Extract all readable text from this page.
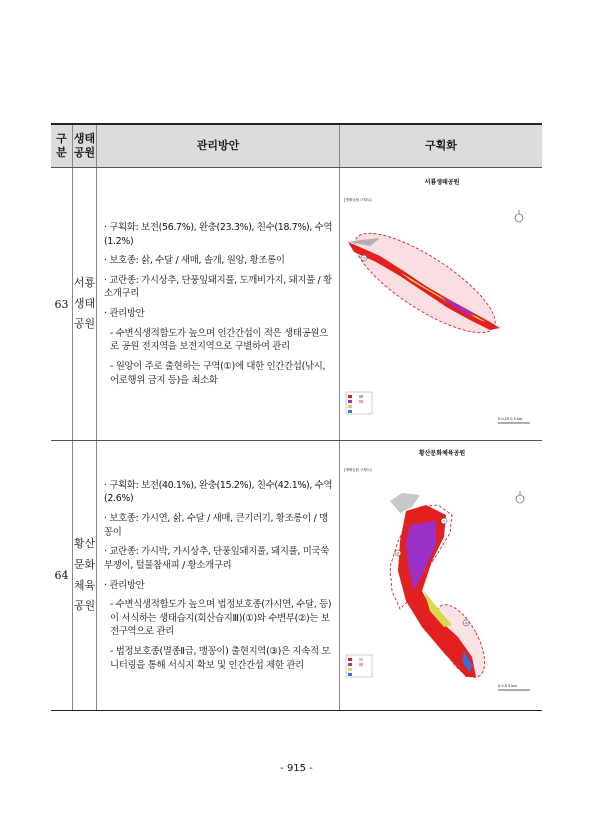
구분
생태
공원
관리방안	구획화
63
서룡
생태
공원
· 구획화: 보전(56.7%), 완충(23.3%), 친수(18.7%), 수역(1.2%)
· 보호종: 삵, 수달 / 새매, 솔개, 원앙, 황조롱이
· 교란종: 가시상추, 단풍잎돼지풀, 도깨비가지, 돼지풀 / 황소개구리
· 관리방안
- 수변식생적합도가 높으며 인간간섭이 적은 생태공원으로 공원 전지역을 보전지역으로 구별하여 관리
- 원앙이 주로 출현하는 구역(①)에 대한 인간간섭(낚시, 어로행위 금지 등)을 최소화
서룡생태공원
[생태공원 구획도]
①
0 0.25 0.5 km
64
황산
문화
체육
공원
· 구획화: 보전(40.1%), 완충(15.2%), 친수(42.1%), 수역(2.6%)
· 보호종: 가시연, 삵, 수달 / 새매, 큰기러기, 황조롱이 / 맹꽁이
· 교란종: 가시박, 가시상추, 단풍잎돼지풀, 돼지풀, 미국쑥부쟁이, 털물참새피 / 황소개구리
· 관리방안
- 수변식생적합도가 높으며 법정보호종(가시연, 수달, 등)이 서식하는 생태습지(회산습지Ⅲ)(①)와 수변부(②)는 보전구역으로 관리
- 법정보호종(멸종Ⅱ급, 맹꽁이) 출현지역(③)은 지속적 모니터링을 통해 서식지 확보 및 인간간섭 제한 관리
황산문화체육공원
[생태공원 구획도]
①
②
③
0 0.5 1 km
- 915 -
